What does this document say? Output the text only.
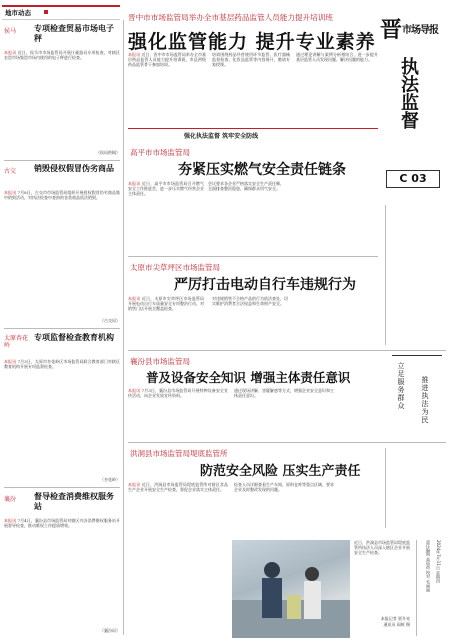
地市动态
晋 市场导报
执法监督
C 03
晋中市市场监管局举办全市基层药品监管人员能力提升培训班
强化监管能力 提升专业素养
侯马 专项检查贸易市场电子秤
本报讯 近日，侯马市市场监管局开展计量器具专项检查，对辖区农贸市场集贸市场内使用的电子秤进行检查。
（侯局供稿）
古交 销毁侵权假冒伪劣商品
本报讯 7月8日，古交市市场监管局组织开展侵权假冒伪劣商品集中销毁活动，对执法检查中查扣的各类商品依法销毁。
（古交局）
太原杏花岭
专项监督检查教育机构
本报讯 7月3日，太原市杏花岭区市场监管局联合教育部门对辖区教育机构开展专项监督检查。
（杏花岭）
襄汾 督导检查消费维权服务站
本报讯 7月4日，襄汾县市场监管局对辖区内各消费维权服务站开展督导检查，推动维权工作提质增效。
（襄汾局）
本报讯 近日，晋中市市场监管局举办全市基层药品监管人员能力提升培训班，市县两级药品监管骨干参加培训。
培训围绕药品经营使用环节监管、医疗器械监督检查、化妆品监管等内容展开，邀请专家授课。
通过理论讲解与案例分析相结合，进一步提升基层监管人员发现问题、解决问题的能力。
强化执法监督 筑牢安全防线
高平市市场监管局
夯紧压实燃气安全责任链条
本报讯 近日，高平市市场监管局召开燃气安全工作推进会，进一步压实燃气经营企业主体责任。
会议要求各企业严格落实安全生产责任制，全面排查整治隐患，确保群众用气安全。
太原市尖草坪区市场监管局
严厉打击电动自行车违规行为
本报讯 近日，太原市尖草坪区市场监管局开展电动自行车质量安全专项整治行动，对销售门店开展全覆盖检查。
对违规销售不合格产品的行为依法查处，切实维护消费者合法权益和生命财产安全。
襄汾县市场监管局
普及设备安全知识 增强主体责任意识
本报讯 7月3日，襄汾县市场监管局开展特种设备安全宣传活动，向企业发放宣传资料。
通过现场讲解、答疑解惑等方式，增强企业安全意识和主体责任意识。
洪洞县市场监管局堤底监管所
防范安全风险 压实生产责任
本报讯 近日，洪洞县市场监管局堤底监管所对辖区食品生产企业开展安全生产检查，督促企业落实主体责任。
检查人员详细查看生产车间、原料仓库等重点区域，要求企业及时整改发现的问题。
立足服务群众 推进执法为民
近日，洪洞县市场监管局堤底监管所执法人员深入辖区企业开展安全生产检查。
本报记者 贾升亮
通讯员 阎辉 摄
2024年7月11日 星期四
责任编辑 高雨荷 校对 毛丽丽
